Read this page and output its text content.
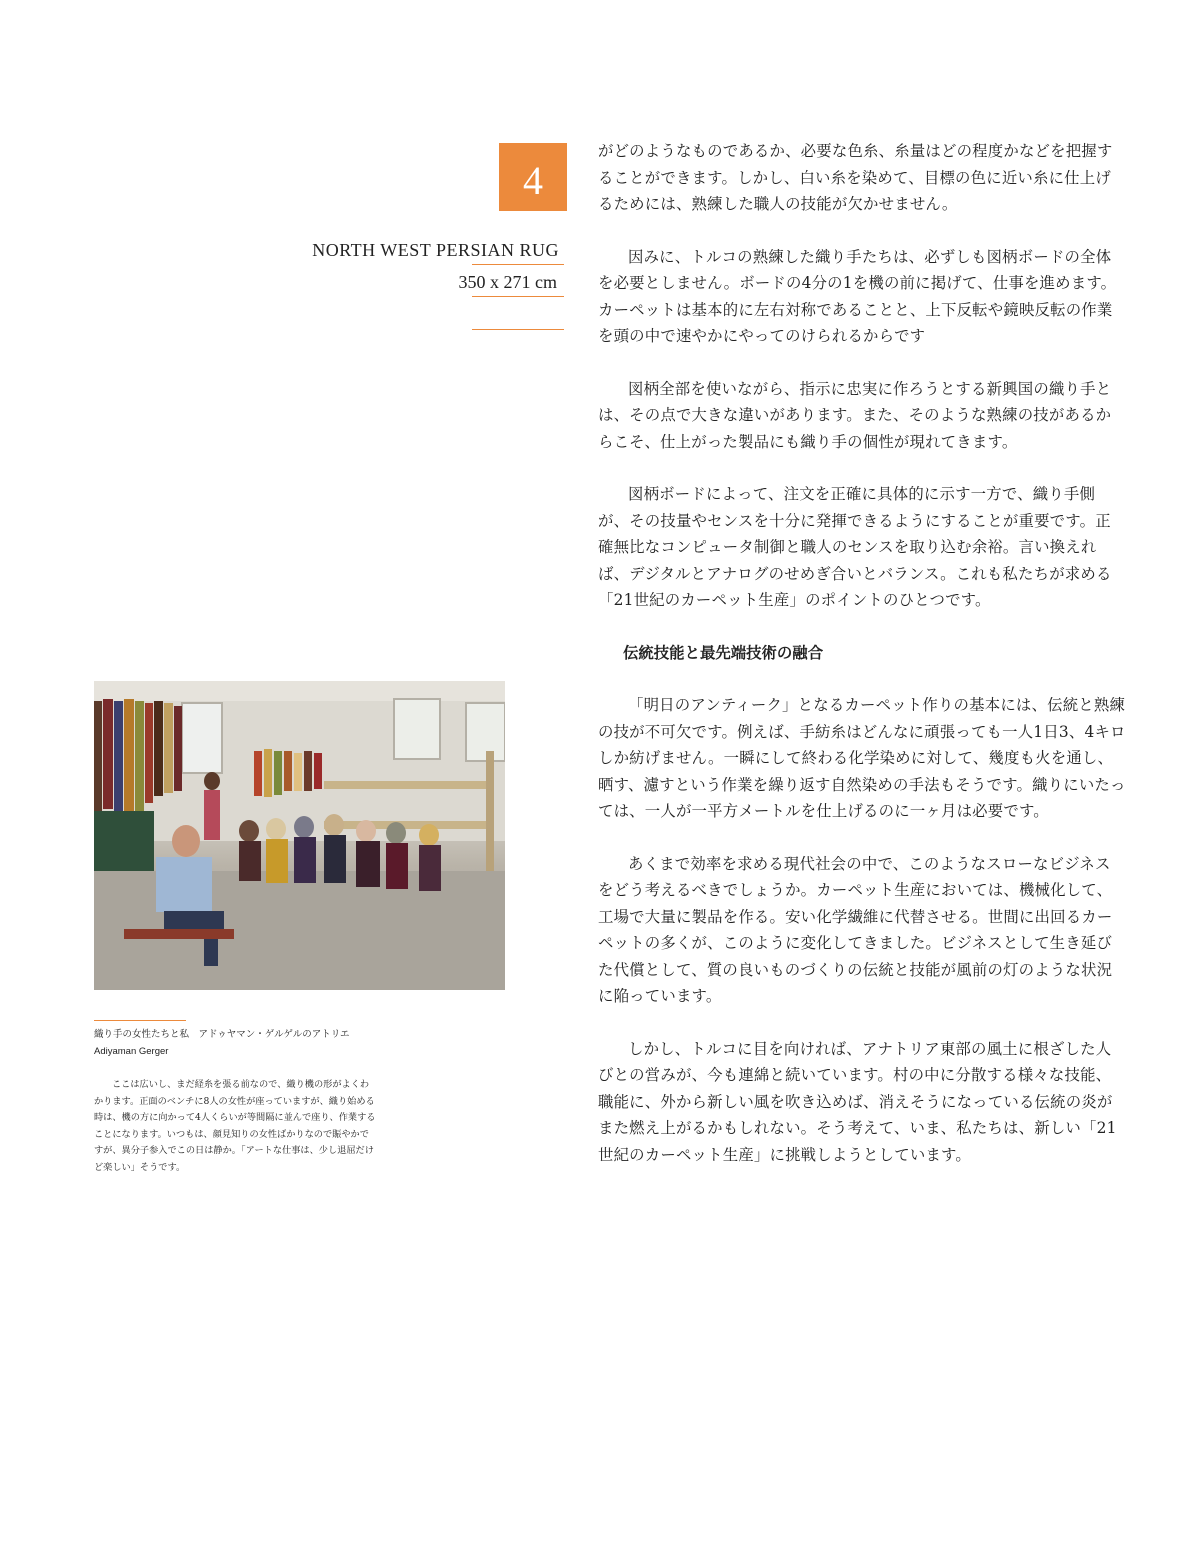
4
NORTH WEST PERSIAN RUG
350 x 271 cm
織り手の女性たちと私　アドゥヤマン・ゲルゲルのアトリエ
Adiyaman Gerger

ここは広いし、まだ経糸を張る前なので、織り機の形がよくわかります。正面のベンチに8人の女性が座っていますが、織り始める時は、機の方に向かって4人くらいが等間隔に並んで座り、作業することになります。いつもは、顔見知りの女性ばかりなので賑やかですが、異分子参入でこの日は静か。「アートな仕事は、少し退屈だけど楽しい」そうです。

がどのようなものであるか、必要な色糸、糸量はどの程度かなどを把握することができます。しかし、白い糸を染めて、目標の色に近い糸に仕上げるためには、熟練した職人の技能が欠かせません。

因みに、トルコの熟練した織り手たちは、必ずしも図柄ボードの全体を必要としません。ボードの4分の1を機の前に掲げて、仕事を進めます。カーペットは基本的に左右対称であることと、上下反転や鏡映反転の作業を頭の中で速やかにやってのけられるからです

図柄全部を使いながら、指示に忠実に作ろうとする新興国の織り手とは、その点で大きな違いがあります。また、そのような熟練の技があるからこそ、仕上がった製品にも織り手の個性が現れてきます。

図柄ボードによって、注文を正確に具体的に示す一方で、織り手側が、その技量やセンスを十分に発揮できるようにすることが重要です。正確無比なコンピュータ制御と職人のセンスを取り込む余裕。言い換えれば、デジタルとアナログのせめぎ合いとバランス。これも私たちが求める「21世紀のカーペット生産」のポイントのひとつです。

伝統技能と最先端技術の融合

「明日のアンティーク」となるカーペット作りの基本には、伝統と熟練の技が不可欠です。例えば、手紡糸はどんなに頑張っても一人1日3、4キロしか紡げません。一瞬にして終わる化学染めに対して、幾度も火を通し、晒す、濾すという作業を繰り返す自然染めの手法もそうです。織りにいたっては、一人が一平方メートルを仕上げるのに一ヶ月は必要です。

あくまで効率を求める現代社会の中で、このようなスローなビジネスをどう考えるべきでしょうか。カーペット生産においては、機械化して、工場で大量に製品を作る。安い化学繊維に代替させる。世間に出回るカーペットの多くが、このように変化してきました。ビジネスとして生き延びた代償として、質の良いものづくりの伝統と技能が風前の灯のような状況に陥っています。

しかし、トルコに目を向ければ、アナトリア東部の風土に根ざした人びとの営みが、今も連綿と続いています。村の中に分散する様々な技能、職能に、外から新しい風を吹き込めば、消えそうになっている伝統の炎がまた燃え上がるかもしれない。そう考えて、いま、私たちは、新しい「21世紀のカーペット生産」に挑戦しようとしています。
